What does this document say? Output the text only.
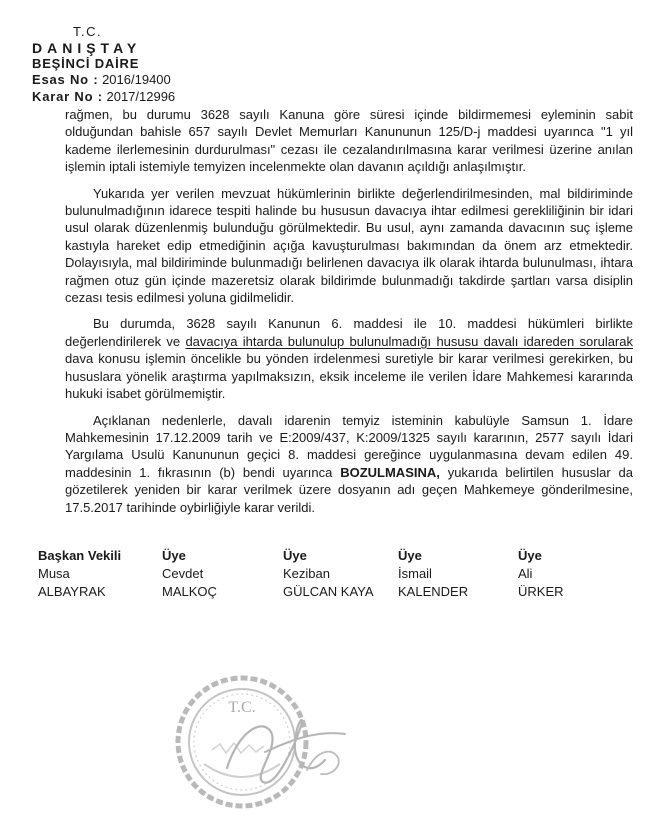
T.C.
DANIŞTAY
BEŞİNCİ DAİRE
Esas No : 2016/19400
Karar No : 2017/12996

rağmen, bu durumu 3628 sayılı Kanuna göre süresi içinde bildirmemesi eyleminin sabit olduğundan bahisle 657 sayılı Devlet Memurları Kanununun 125/D-j maddesi uyarınca "1 yıl kademe ilerlemesinin durdurulması" cezası ile cezalandırılmasına karar verilmesi üzerine anılan işlemin iptali istemiyle temyizen incelenmekte olan davanın açıldığı anlaşılmıştır.

Yukarıda yer verilen mevzuat hükümlerinin birlikte değerlendirilmesinden, mal bildiriminde bulunulmadığının idarece tespiti halinde bu hususun davacıya ihtar edilmesi gerekliliğinin bir idari usul olarak düzenlenmiş bulunduğu görülmektedir. Bu usul, aynı zamanda davacının suç işleme kastıyla hareket edip etmediğinin açığa kavuşturulması bakımından da önem arz etmektedir. Dolayısıyla, mal bildiriminde bulunmadığı belirlenen davacıya ilk olarak ihtarda bulunulması, ihtara rağmen otuz gün içinde mazeretsiz olarak bildirimde bulunmadığı takdirde şartları varsa disiplin cezası tesis edilmesi yoluna gidilmelidir.

Bu durumda, 3628 sayılı Kanunun 6. maddesi ile 10. maddesi hükümleri birlikte değerlendirilerek ve davacıya ihtarda bulunulup bulunulmadığı hususu davalı idareden sorularak dava konusu işlemin öncelikle bu yönden irdelenmesi suretiyle bir karar verilmesi gerekirken, bu hususlara yönelik araştırma yapılmaksızın, eksik inceleme ile verilen İdare Mahkemesi kararında hukuki isabet görülmemiştir.

Açıklanan nedenlerle, davalı idarenin temyiz isteminin kabulüyle Samsun 1. İdare Mahkemesinin 17.12.2009 tarih ve E:2009/437, K:2009/1325 sayılı kararının, 2577 sayılı İdari Yargılama Usulü Kanununun geçici 8. maddesi gereğince uygulanmasına devam edilen 49. maddesinin 1. fıkrasının (b) bendi uyarınca BOZULMASINA, yukarıda belirtilen hususlar da gözetilerek yeniden bir karar verilmek üzere dosyanın adı geçen Mahkemeye gönderilmesine, 17.5.2017 tarihinde oybirliğiyle karar verildi.

Başkan Vekili
Musa
ALBAYRAK
Üye
Cevdet
MALKOÇ
Üye
Keziban
GÜLCAN KAYA
Üye
İsmail
KALENDER
Üye
Ali
ÜRKER
T.C.
